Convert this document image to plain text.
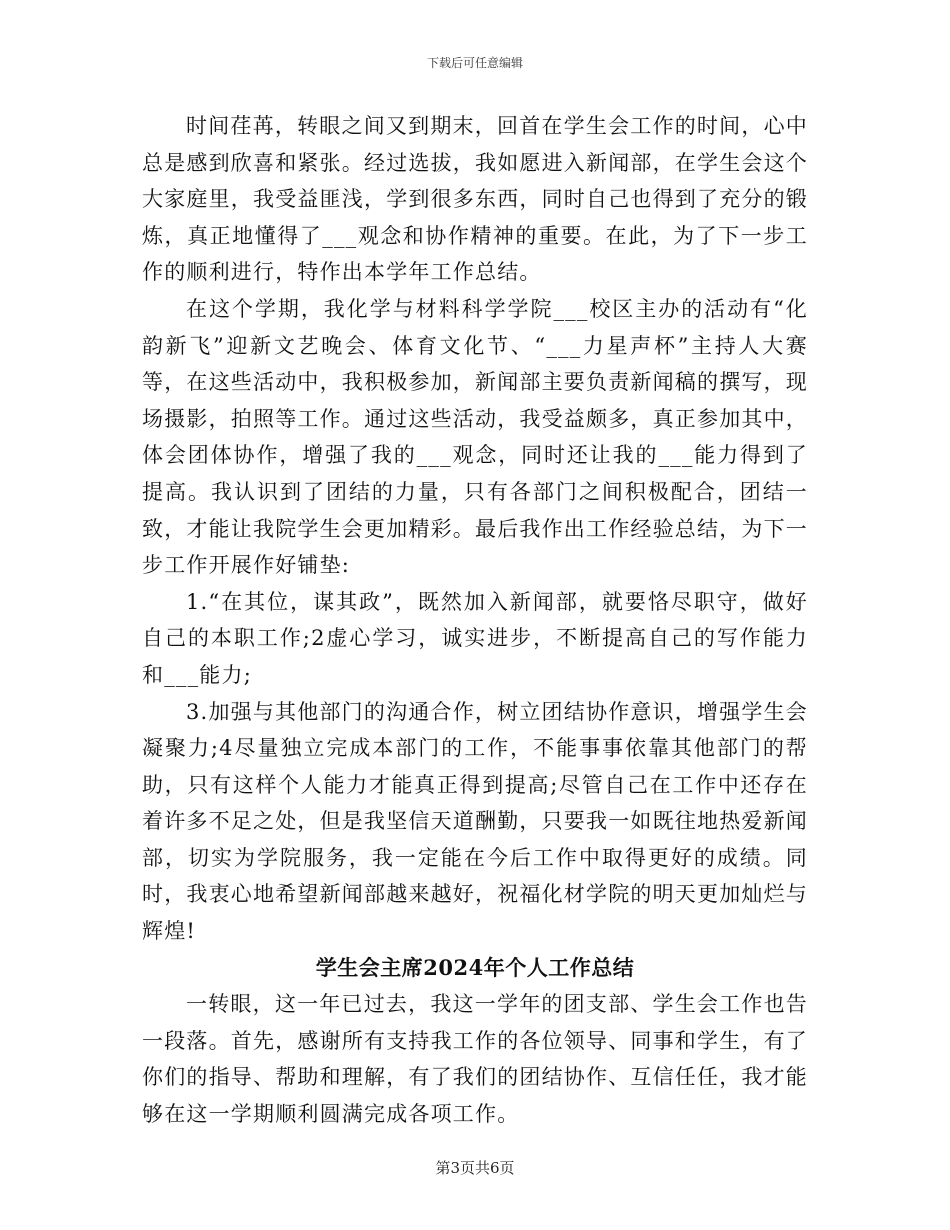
下载后可任意编辑

时间荏苒，转眼之间又到期末，回首在学生会工作的时间，心中总是感到欣喜和紧张。经过选拔，我如愿进入新闻部，在学生会这个大家庭里，我受益匪浅，学到很多东西，同时自己也得到了充分的锻炼，真正地懂得了___观念和协作精神的重要。在此，为了下一步工作的顺利进行，特作出本学年工作总结。

在这个学期，我化学与材料科学学院___校区主办的活动有“化韵新飞”迎新文艺晚会、体育文化节、“___力星声杯”主持人大赛等，在这些活动中，我积极参加，新闻部主要负责新闻稿的撰写，现场摄影，拍照等工作。通过这些活动，我受益颇多，真正参加其中，体会团体协作，增强了我的___观念，同时还让我的___能力得到了提高。我认识到了团结的力量，只有各部门之间积极配合，团结一致，才能让我院学生会更加精彩。最后我作出工作经验总结，为下一步工作开展作好铺垫:

1.“在其位，谋其政”，既然加入新闻部，就要恪尽职守，做好自己的本职工作;2虚心学习，诚实进步，不断提高自己的写作能力和___能力;

3.加强与其他部门的沟通合作，树立团结协作意识，增强学生会凝聚力;4尽量独立完成本部门的工作，不能事事依靠其他部门的帮助，只有这样个人能力才能真正得到提高;尽管自己在工作中还存在着许多不足之处，但是我坚信天道酬勤，只要我一如既往地热爱新闻部，切实为学院服务，我一定能在今后工作中取得更好的成绩。同时，我衷心地希望新闻部越来越好，祝福化材学院的明天更加灿烂与辉煌!

学生会主席2024年个人工作总结

一转眼，这一年已过去，我这一学年的团支部、学生会工作也告一段落。首先，感谢所有支持我工作的各位领导、同事和学生，有了你们的指导、帮助和理解，有了我们的团结协作、互信任任，我才能够在这一学期顺利圆满完成各项工作。

第3页共6页
